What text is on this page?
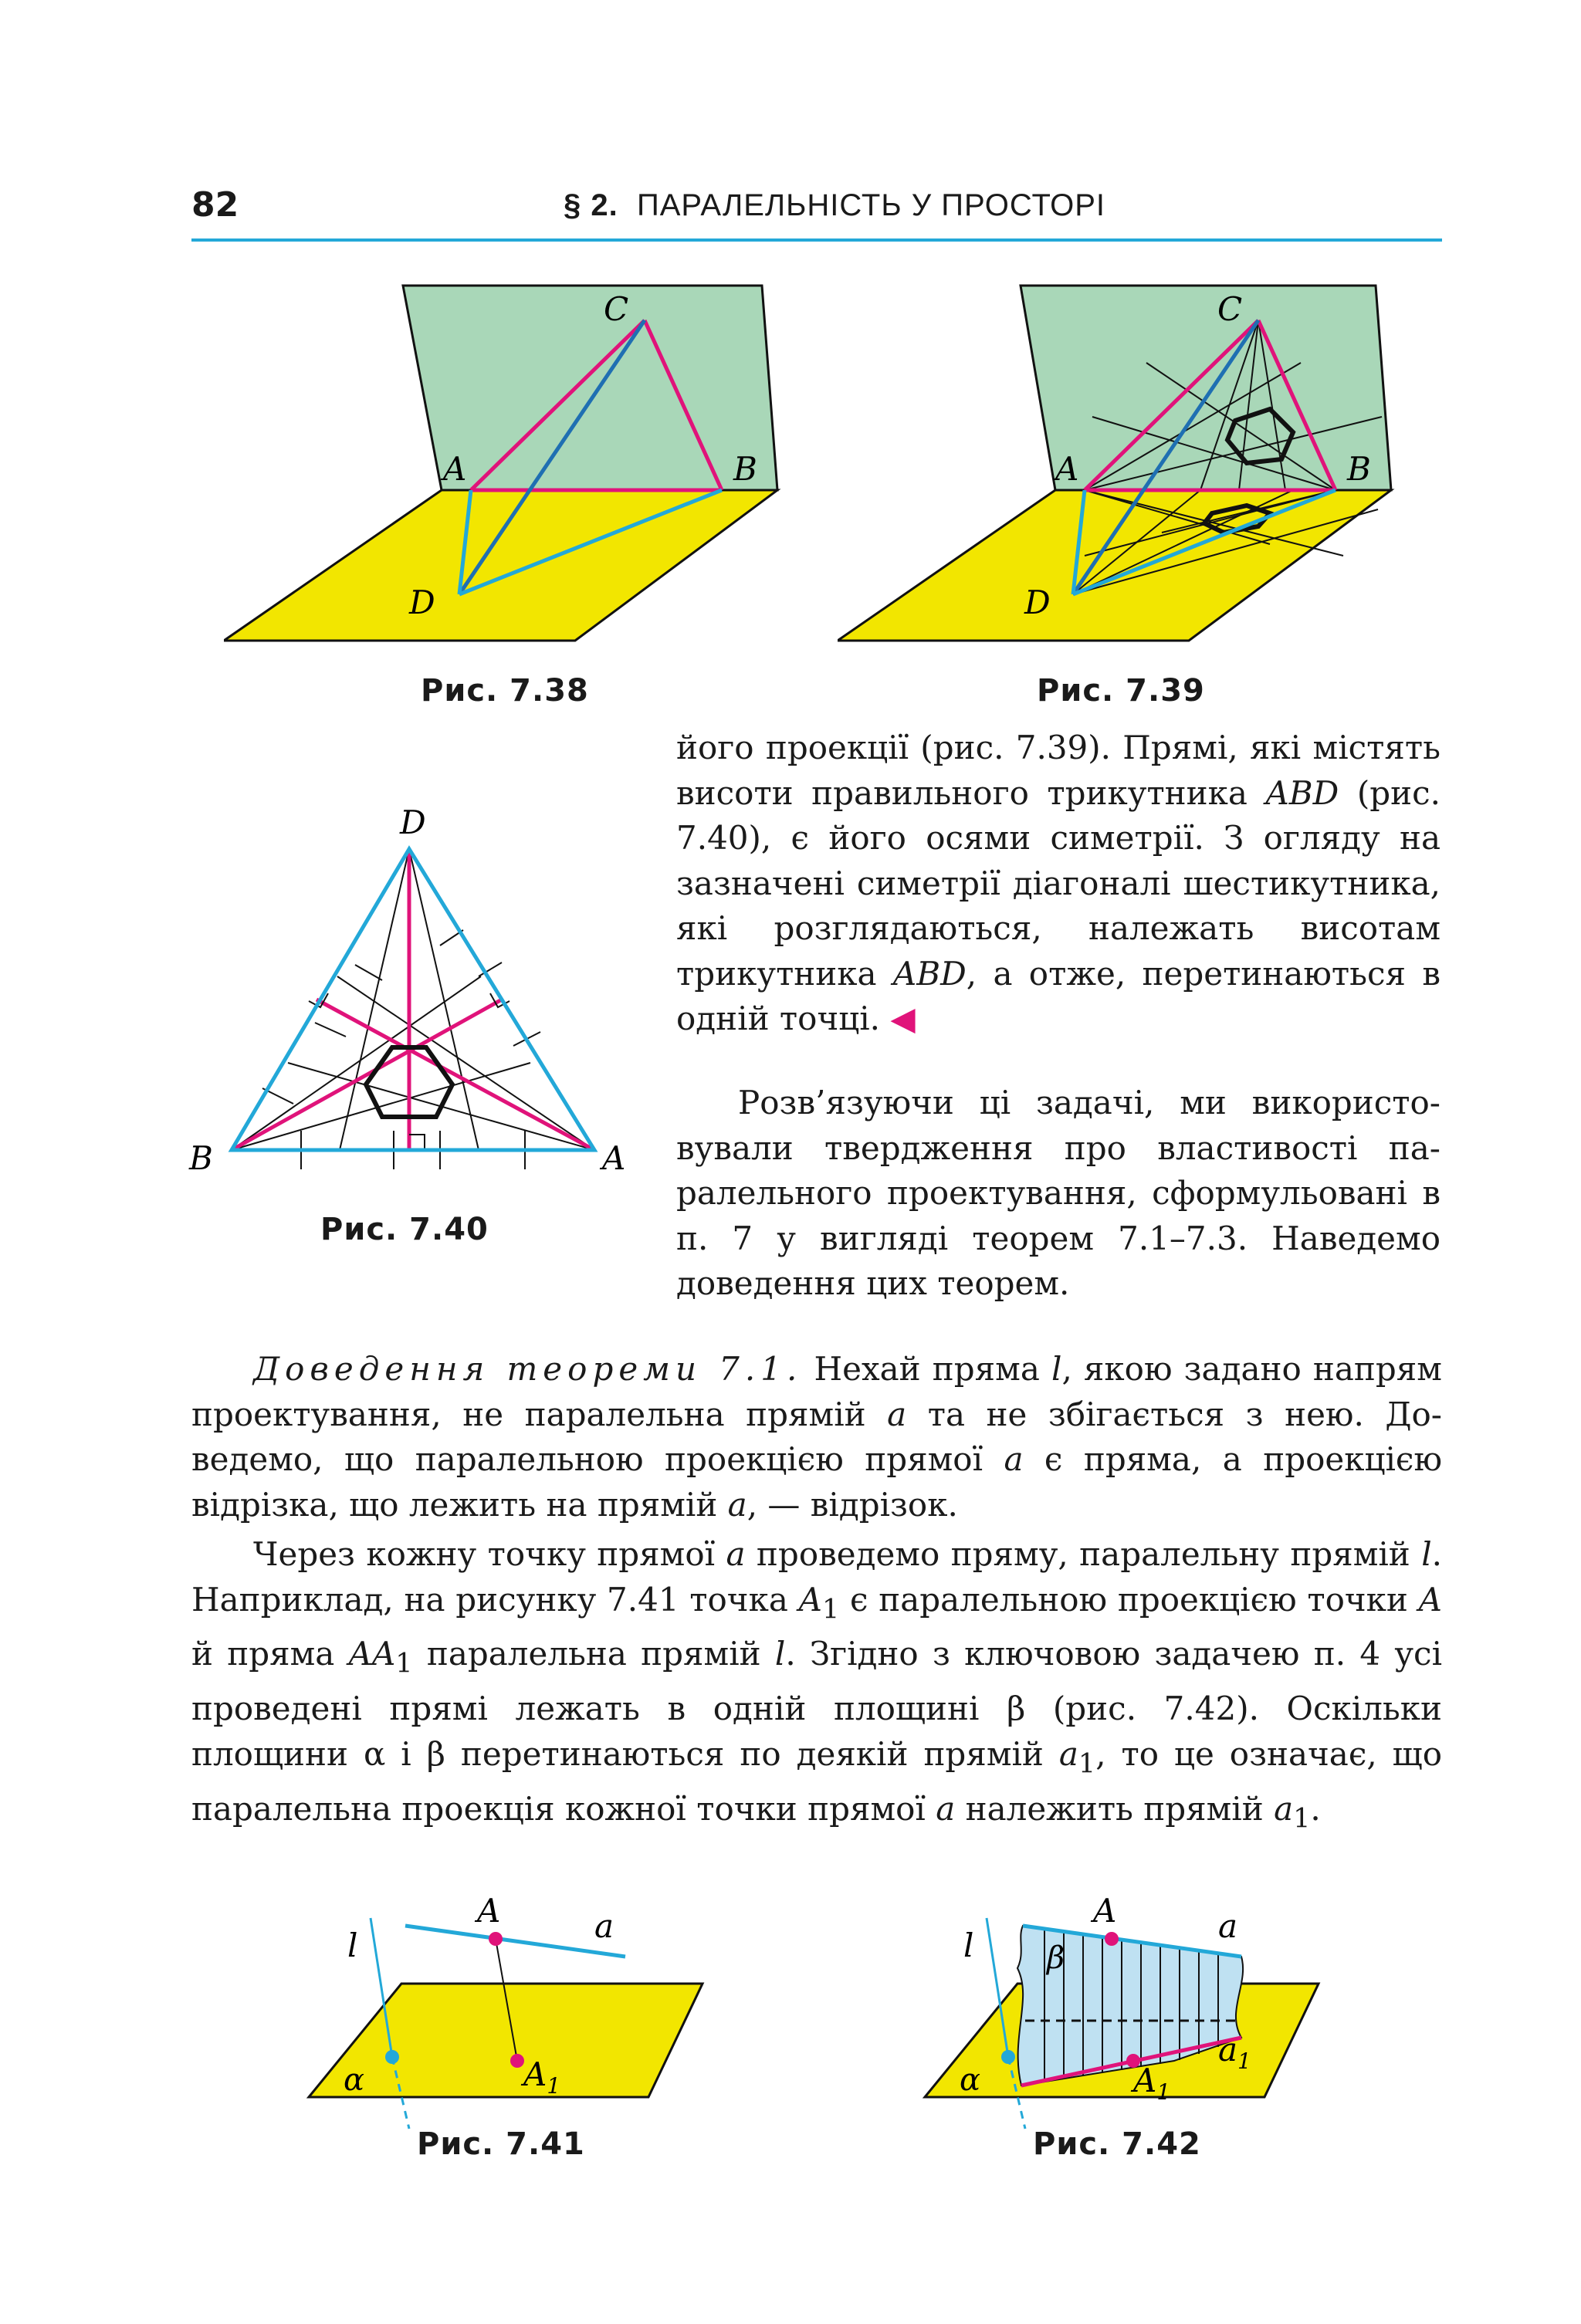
82	§ 2. ПАРАЛЕЛЬНІСТЬ У ПРОСТОРІ
C
A	B
D
Рис. 7.38
C
A	B
D
Рис. 7.39
D
B	A
Рис. 7.40

його проекції (рис. 7.39). Прямі, які містять висоти правильного трикутника ABD (рис. 7.40), є його осями симетрії. З огляду на зазначені симетрії діагоналі шестикутника, які розглядаються, належать висотам трикутника ABD, а отже, перетинаються в одній точці. ◀

Розв’язуючи ці задачі, ми використовували твердження про властивості паралельного проектування, сформульовані в п. 7 у вигляді теорем 7.1–7.3. Наведемо доведення цих теорем.

Доведення теореми 7.1. Нехай пряма l, якою задано напрям проектування, не паралельна прямій a та не збігається з нею. Доведемо, що паралельною проекцією прямої a є пряма, а проекцією відрізка, що лежить на прямій a, — відрізок.

Через кожну точку прямої a проведемо пряму, паралельну прямій l. Наприклад, на рисунку 7.41 точка $A_1$ є паралельною проекцією точки A й пряма $AA_1$ паралельна прямій l. Згідно з ключовою задачею п. 4 усі проведені прямі лежать в одній площині β (рис. 7.42). Оскільки площини α і β перетинаються по деякій прямій $a_1$, то це означає, що паралельна проекція кожної точки прямої a належить прямій $a_1$.

A	a
l
α	$A_1$
Рис. 7.41
A	a
l β
α	$A_1$
$a_1$
Рис. 7.42
